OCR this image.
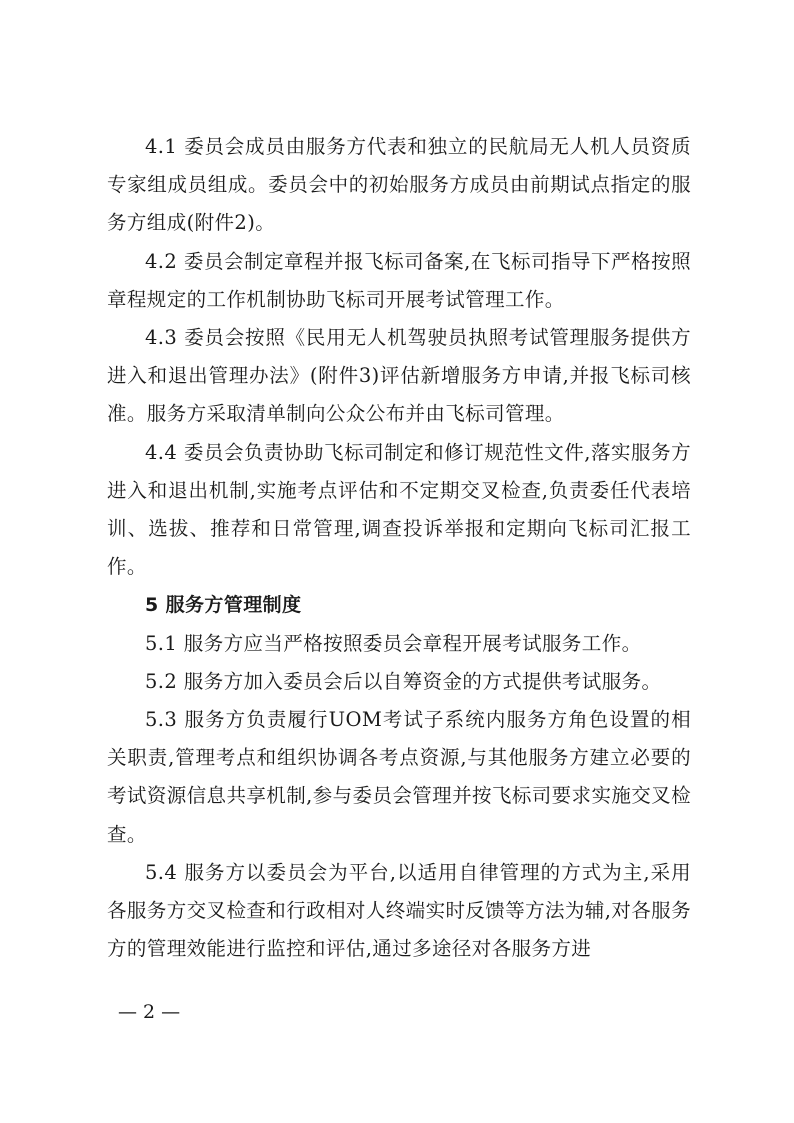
4.1 委员会成员由服务方代表和独立的民航局无人机人员资质专家组成员组成。委员会中的初始服务方成员由前期试点指定的服务方组成(附件2)。

4.2 委员会制定章程并报飞标司备案,在飞标司指导下严格按照章程规定的工作机制协助飞标司开展考试管理工作。

4.3 委员会按照《民用无人机驾驶员执照考试管理服务提供方进入和退出管理办法》(附件3)评估新增服务方申请,并报飞标司核准。服务方采取清单制向公众公布并由飞标司管理。

4.4 委员会负责协助飞标司制定和修订规范性文件,落实服务方进入和退出机制,实施考点评估和不定期交叉检查,负责委任代表培训、选拔、推荐和日常管理,调查投诉举报和定期向飞标司汇报工作。

5 服务方管理制度

5.1 服务方应当严格按照委员会章程开展考试服务工作。

5.2 服务方加入委员会后以自筹资金的方式提供考试服务。

5.3 服务方负责履行UOM考试子系统内服务方角色设置的相关职责,管理考点和组织协调各考点资源,与其他服务方建立必要的考试资源信息共享机制,参与委员会管理并按飞标司要求实施交叉检查。

5.4 服务方以委员会为平台,以适用自律管理的方式为主,采用各服务方交叉检查和行政相对人终端实时反馈等方法为辅,对各服务方的管理效能进行监控和评估,通过多途径对各服务方进

— 2 —
